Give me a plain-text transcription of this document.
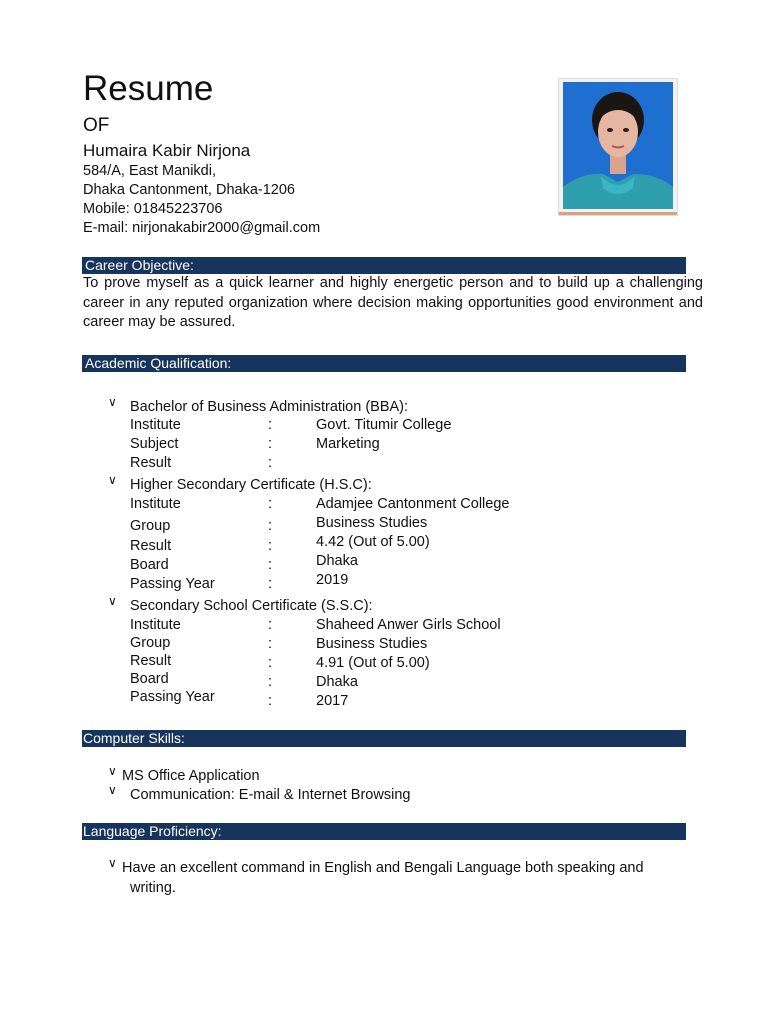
Resume
OF
Humaira Kabir Nirjona
584/A, East Manikdi,
Dhaka Cantonment, Dhaka-1206
Mobile: 01845223706
E-mail: nirjonakabir2000@gmail.com
Career Objective:
To prove myself as a quick learner and highly energetic person and to build up a challenging career in any reputed organization where decision making opportunities good environment and career may be assured.
Academic Qualification:
∨ Bachelor of Business Administration (BBA):
Institute	:	Govt. Titumir College
Subject	:	Marketing
Result	:
∨ Higher Secondary Certificate (H.S.C):
Institute	:	Adamjee Cantonment College
Group	:	Business Studies
Result	:	4.42 (Out of 5.00)
Board	:	Dhaka
Passing Year	:	2019
∨ Secondary School Certificate (S.S.C):
Institute	:	Shaheed Anwer Girls School
Group	:	Business Studies
Result	:	4.91 (Out of 5.00)
Board	:	Dhaka
Passing Year	:	2017
Computer Skills:
∨ MS Office Application
∨ Communication: E-mail & Internet Browsing
Language Proficiency:
∨ Have an excellent command in English and Bengali Language both speaking and writing.
